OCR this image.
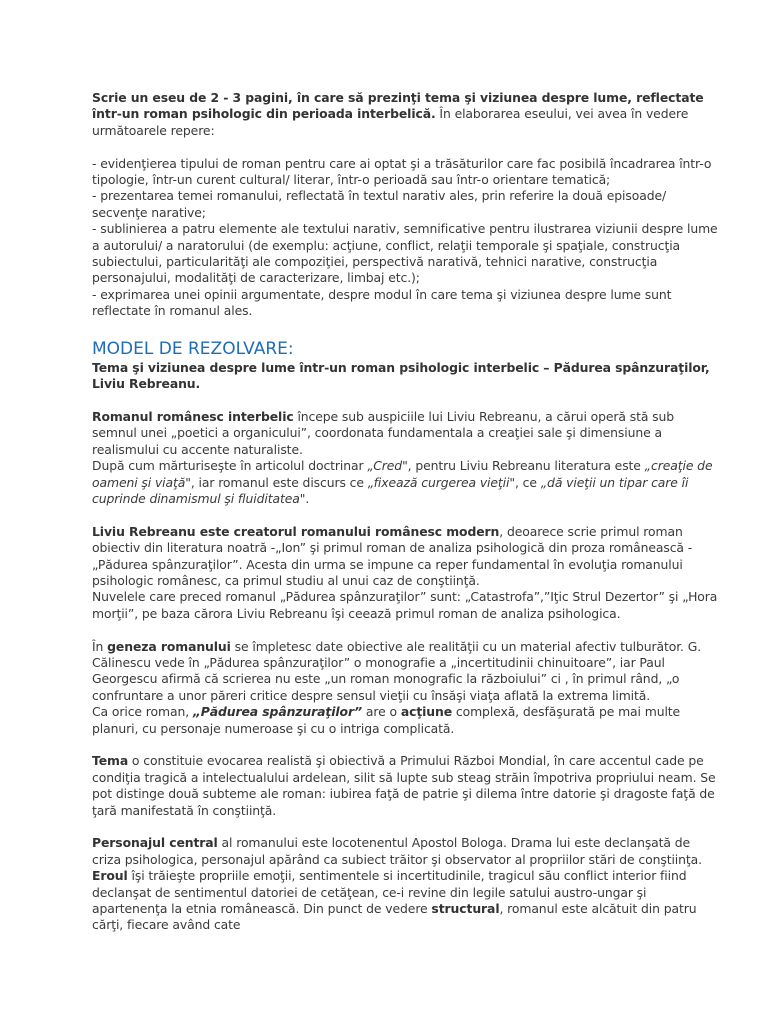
Scrie un eseu de 2 - 3 pagini, în care să prezinţi tema şi viziunea despre lume, reflectate într-un roman psihologic din perioada interbelică. În elaborarea eseului, vei avea în vedere următoarele repere:

- evidenţierea tipului de roman pentru care ai optat şi a trăsăturilor care fac posibilă încadrarea într-o tipologie, într-un curent cultural/ literar, într-o perioadă sau într-o orientare tematică;

- prezentarea temei romanului, reflectată în textul narativ ales, prin referire la două episoade/ secvenţe narative;

- sublinierea a patru elemente ale textului narativ, semnificative pentru ilustrarea viziunii despre lume a autorului/ a naratorului (de exemplu: acţiune, conflict, relaţii temporale şi spaţiale, construcţia subiectului, particularităţi ale compoziţiei, perspectivă narativă, tehnici narative, construcţia personajului, modalităţi de caracterizare, limbaj etc.);

- exprimarea unei opinii argumentate, despre modul în care tema şi viziunea despre lume sunt

reflectate în romanul ales.

MODEL DE REZOLVARE:

Tema şi viziunea despre lume într-un roman psihologic interbelic – Pădurea spânzuraţilor, Liviu Rebreanu.

Romanul românesc interbelic începe sub auspiciile lui Liviu Rebreanu, a cărui operă stă sub semnul unei „poetici a organicului”, coordonata fundamentala a creaţiei sale şi dimensiune a realismului cu accente naturaliste.

După cum mărturiseşte în articolul doctrinar „Cred", pentru Liviu Rebreanu literatura este „creaţie de oameni şi viaţă", iar romanul este discurs ce „fixează curgerea vieţii", ce „dă vieţii un tipar care îi cuprinde dinamismul şi fluiditatea".

Liviu Rebreanu este creatorul romanului românesc modern, deoarece scrie primul roman obiectiv din literatura noatră -„Ion” şi primul roman de analiza psihologică din proza românească -„Pădurea spânzuraţilor”. Acesta din urma se impune ca reper fundamental în evoluţia romanului psihologic românesc, ca primul studiu al unui caz de conştiinţă.

Nuvelele care preced romanul „Pădurea spânzuraţilor” sunt: „Catastrofa”,”Iţic Strul Dezertor” şi „Hora morţii”, pe baza cărora Liviu Rebreanu îşi ceează primul roman de analiza psihologica.

În geneza romanului se împletesc date obiective ale realităţii cu un material afectiv tulburător. G. Călinescu vede în „Pădurea spânzuraţilor” o monografie a „incertitudinii chinuitoare”, iar Paul Georgescu afirmă că scrierea nu este „un roman monografic la războiului” ci , în primul rând, „o confruntare a unor păreri critice despre sensul vieţii cu însăşi viaţa aflată la extrema limită.

Ca orice roman, „Pădurea spânzuraţilor” are o acţiune complexă, desfăşurată pe mai multe planuri, cu personaje numeroase şi cu o intriga complicată.

Tema o constituie evocarea realistă şi obiectivă a Primului Război Mondial, în care accentul cade pe condiţia tragică a intelectualului ardelean, silit să lupte sub steag străin împotriva propriului neam. Se pot distinge două subteme ale roman: iubirea faţă de patrie şi dilema între datorie şi dragoste faţă de ţară manifestată în conştiinţă.

Personajul central al romanului este locotenentul Apostol Bologa. Drama lui este declanşată de criza psihologica, personajul apărând ca subiect trăitor şi observator al propriilor stări de conştiinţa. Eroul îşi trăieşte propriile emoţii, sentimentele si incertitudinile, tragicul său conflict interior fiind declanşat de sentimentul datoriei de cetăţean, ce-i revine din legile satului austro-ungar şi apartenenţa la etnia românească. Din punct de vedere structural, romanul este alcătuit din patru cărţi, fiecare având cate
